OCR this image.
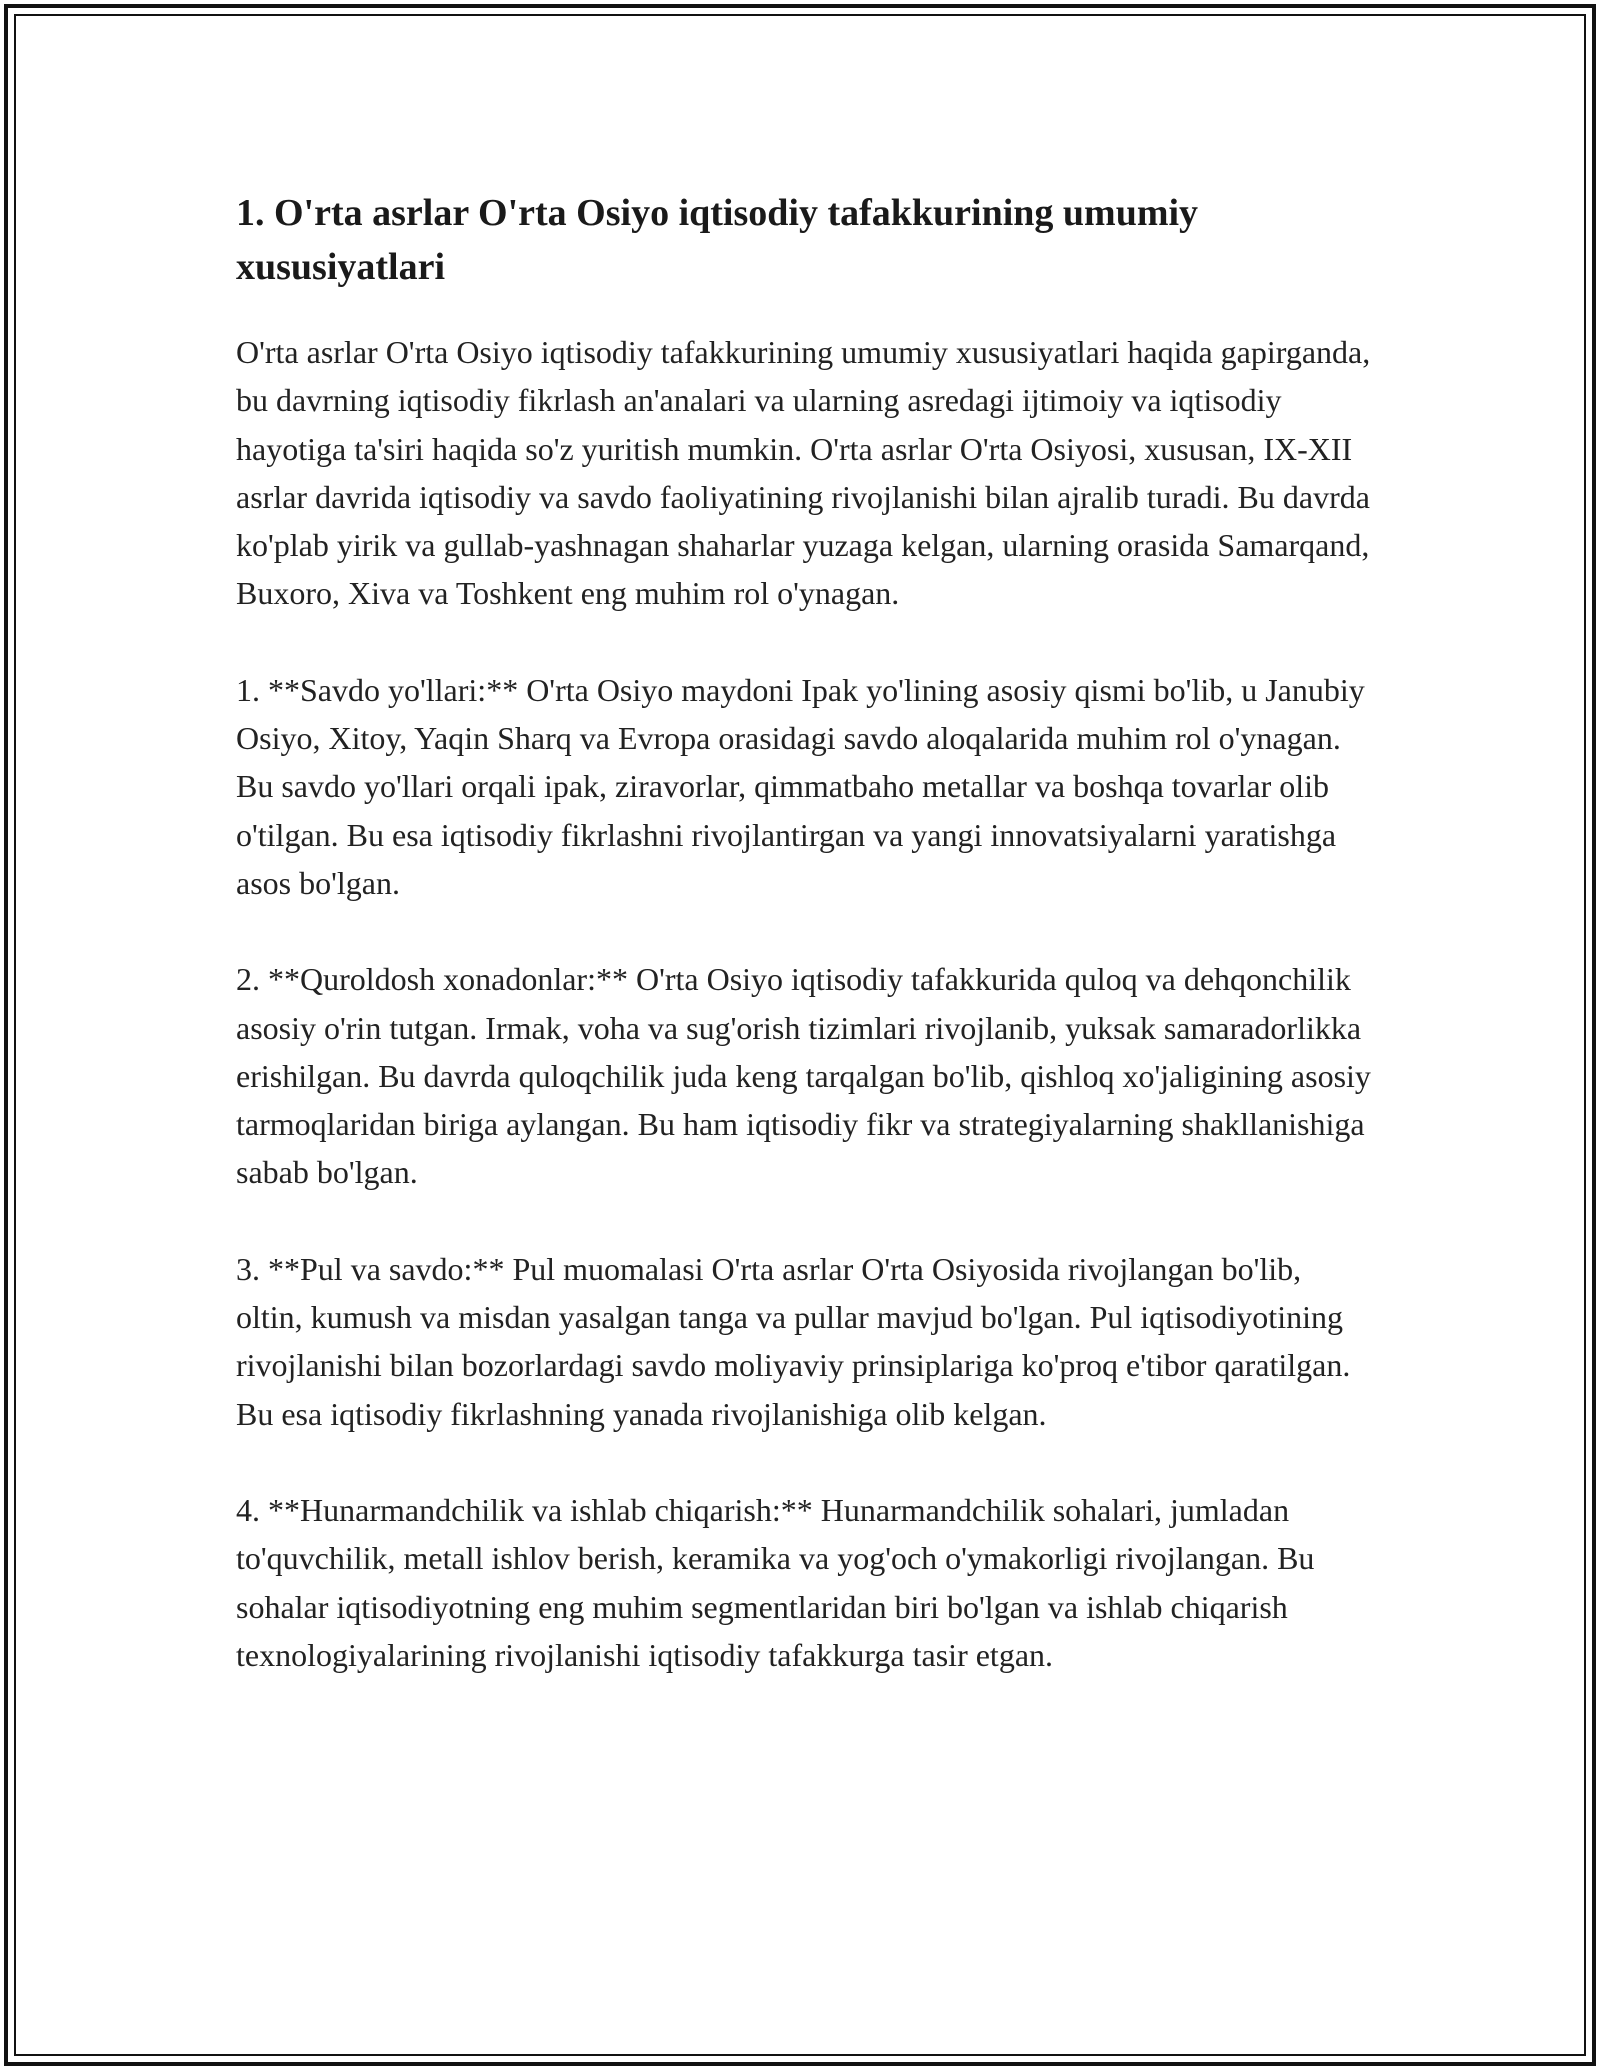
1. O'rta asrlar O'rta Osiyo iqtisodiy tafakkurining umumiy xususiyatlari

O'rta asrlar O'rta Osiyo iqtisodiy tafakkurining umumiy xususiyatlari haqida gapirganda, bu davrning iqtisodiy fikrlash an'analari va ularning asredagi ijtimoiy va iqtisodiy hayotiga ta'siri haqida so'z yuritish mumkin. O'rta asrlar O'rta Osiyosi, xususan, IX-XII asrlar davrida iqtisodiy va savdo faoliyatining rivojlanishi bilan ajralib turadi. Bu davrda ko'plab yirik va gullab-yashnagan shaharlar yuzaga kelgan, ularning orasida Samarqand, Buxoro, Xiva va Toshkent eng muhim rol o'ynagan.

1. **Savdo yo'llari:** O'rta Osiyo maydoni Ipak yo'lining asosiy qismi bo'lib, u Janubiy Osiyo, Xitoy, Yaqin Sharq va Evropa orasidagi savdo aloqalarida muhim rol o'ynagan. Bu savdo yo'llari orqali ipak, ziravorlar, qimmatbaho metallar va boshqa tovarlar olib o'tilgan. Bu esa iqtisodiy fikrlashni rivojlantirgan va yangi innovatsiyalarni yaratishga asos bo'lgan.

2. **Quroldosh xonadonlar:** O'rta Osiyo iqtisodiy tafakkurida quloq va dehqonchilik asosiy o'rin tutgan. Irmak, voha va sug'orish tizimlari rivojlanib, yuksak samaradorlikka erishilgan. Bu davrda quloqchilik juda keng tarqalgan bo'lib, qishloq xo'jaligining asosiy tarmoqlaridan biriga aylangan. Bu ham iqtisodiy fikr va strategiyalarning shakllanishiga sabab bo'lgan.

3. **Pul va savdo:** Pul muomalasi O'rta asrlar O'rta Osiyosida rivojlangan bo'lib, oltin, kumush va misdan yasalgan tanga va pullar mavjud bo'lgan. Pul iqtisodiyotining rivojlanishi bilan bozorlardagi savdo moliyaviy prinsiplariga ko'proq e'tibor qaratilgan. Bu esa iqtisodiy fikrlashning yanada rivojlanishiga olib kelgan.

4. **Hunarmandchilik va ishlab chiqarish:** Hunarmandchilik sohalari, jumladan to'quvchilik, metall ishlov berish, keramika va yog'och o'ymakorligi rivojlangan. Bu sohalar iqtisodiyotning eng muhim segmentlaridan biri bo'lgan va ishlab chiqarish texnologiyalarining rivojlanishi iqtisodiy tafakkurga tasir etgan.
